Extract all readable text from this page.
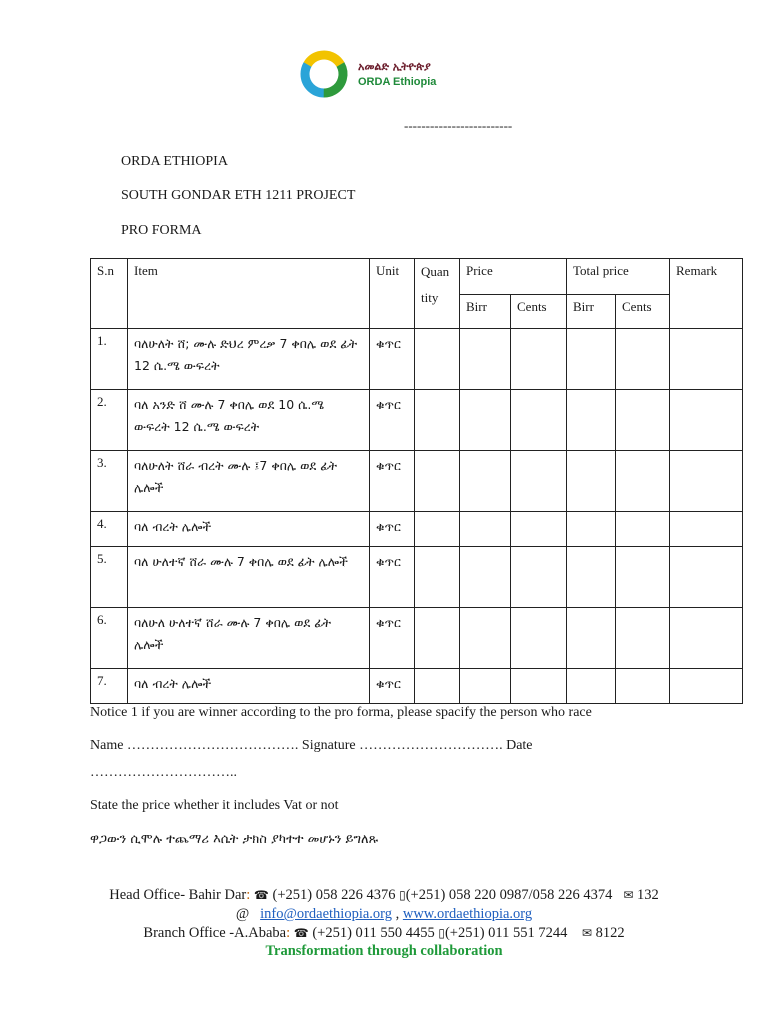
አመልድ ኢትዮጵያ
ORDA Ethiopia
-------------------------
ORDA ETHIOPIA
SOUTH GONDAR ETH 1211 PROJECT
PRO FORMA
S.n	Item	Unit	Quan tity	Price		Total price		Remark
				Birr	Cents	Birr	Cents	
1.	ባለሁለት ሸ; ሙሉ ድህረ ምረቃ 7 ቀበሌ ወደ ፊት 12 ሴ.ሜ ውፍረት	ቁጥር						
2.	ባለ አንድ ሸ ሙሉ 7 ቀበሌ ወደ 10 ሴ.ሜ ውፍረት 12 ሴ.ሜ ውፍረት	ቁጥር						
3.	ባለሁለት ሸራ ብረት ሙሉ ፤7 ቀበሌ ወደ ፊት ሌሎች	ቁጥር						
4.	ባለ ብረት ሌሎች	ቁጥር						
5.	ባለ ሁለተኛ ሸራ ሙሉ 7 ቀበሌ ወደ ፊት ሌሎች	ቁጥር						
6.	ባለሁለ ሁለተኛ ሸራ ሙሉ 7 ቀበሌ ወደ ፊት ሌሎች	ቁጥር						
7.	ባለ ብረት ሌሎች	ቁጥር						
Notice 1 if you are winner according to the pro forma, please spacify the person who race
Name ………………………………. Signature …………………………. Date
…………………………..
State the price whether it includes Vat or not
ዋጋውን ሲሞሉ ተጨማሪ እሴት ታክስ ያካተተ መሆኑን ይግለጹ
Head Office- Bahir Dar: ☎ (+251) 058 226 4376 ▯(+251) 058 220 0987/058 226 4374 ✉ 132
@ info@ordaethiopia.org , www.ordaethiopia.org
Branch Office -A.Ababa: ☎ (+251) 011 550 4455 ▯(+251) 011 551 7244 ✉ 8122
Transformation through collaboration
